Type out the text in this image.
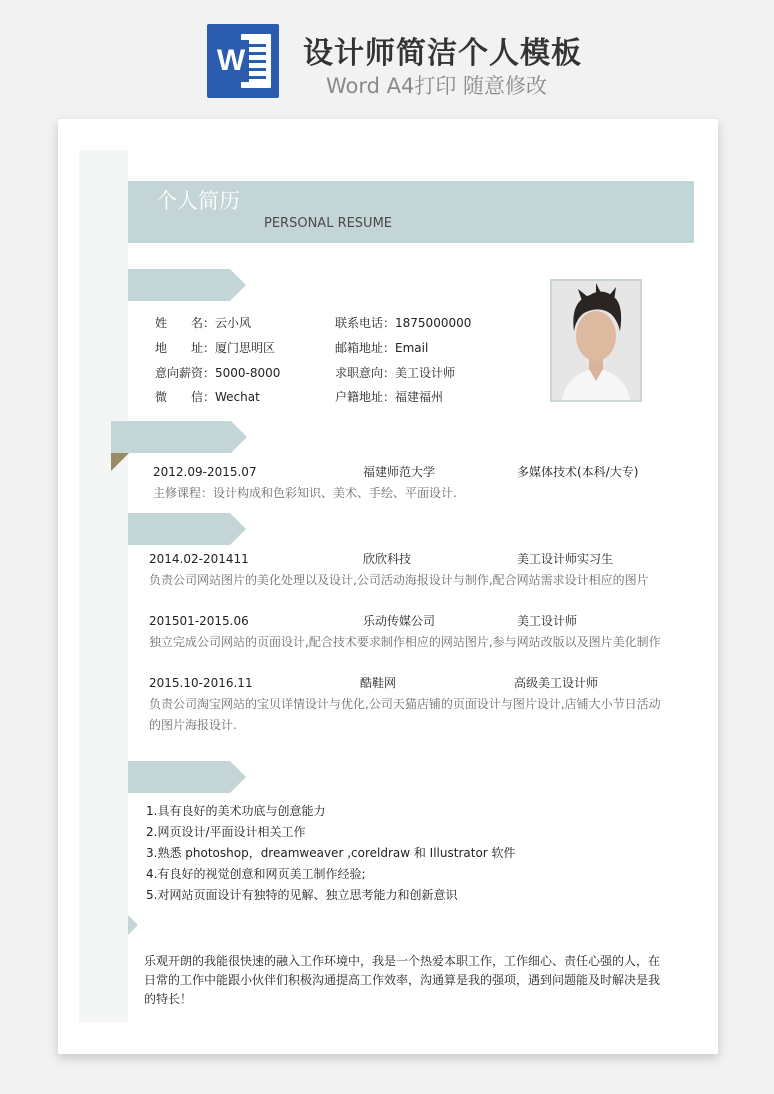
W 设计师简洁个人模板
Word A4打印 随意修改
个人简历
PERSONAL RESUME
姓　　名：云小风	联系电话：1875000000
地　　址：厦门思明区	邮箱地址：Email
意向薪资：5000-8000	求职意向：美工设计师
微　　信：Wechat	户籍地址：福建福州
2012.09-2015.07	福建师范大学	多媒体技术(本科/大专)
主修课程：设计构成和色彩知识、美术、手绘、平面设计.
2014.02-201411	欣欣科技	美工设计师实习生
负责公司网站图片的美化处理以及设计,公司活动海报设计与制作,配合网站需求设计相应的图片
201501-2015.06	乐动传媒公司	美工设计师
独立完成公司网站的页面设计,配合技术要求制作相应的网站图片,参与网站改版以及图片美化制作
2015.10-2016.11	酷鞋网	高级美工设计师
负责公司淘宝网站的宝贝详情设计与优化,公司天猫店铺的页面设计与图片设计,店铺大小节日活动
的图片海报设计.
1.具有良好的美术功底与创意能力
2.网页设计/平面设计相关工作
3.熟悉 photoshop，dreamweaver ,coreldraw 和 Illustrator 软件
4.有良好的视觉创意和网页美工制作经验;
5.对网站页面设计有独特的见解、独立思考能力和创新意识
乐观开朗的我能很快速的融入工作环境中，我是一个热爱本职工作，工作细心、责任心强的人，在
日常的工作中能跟小伙伴们积极沟通提高工作效率，沟通算是我的强项，遇到问题能及时解决是我
的特长！
